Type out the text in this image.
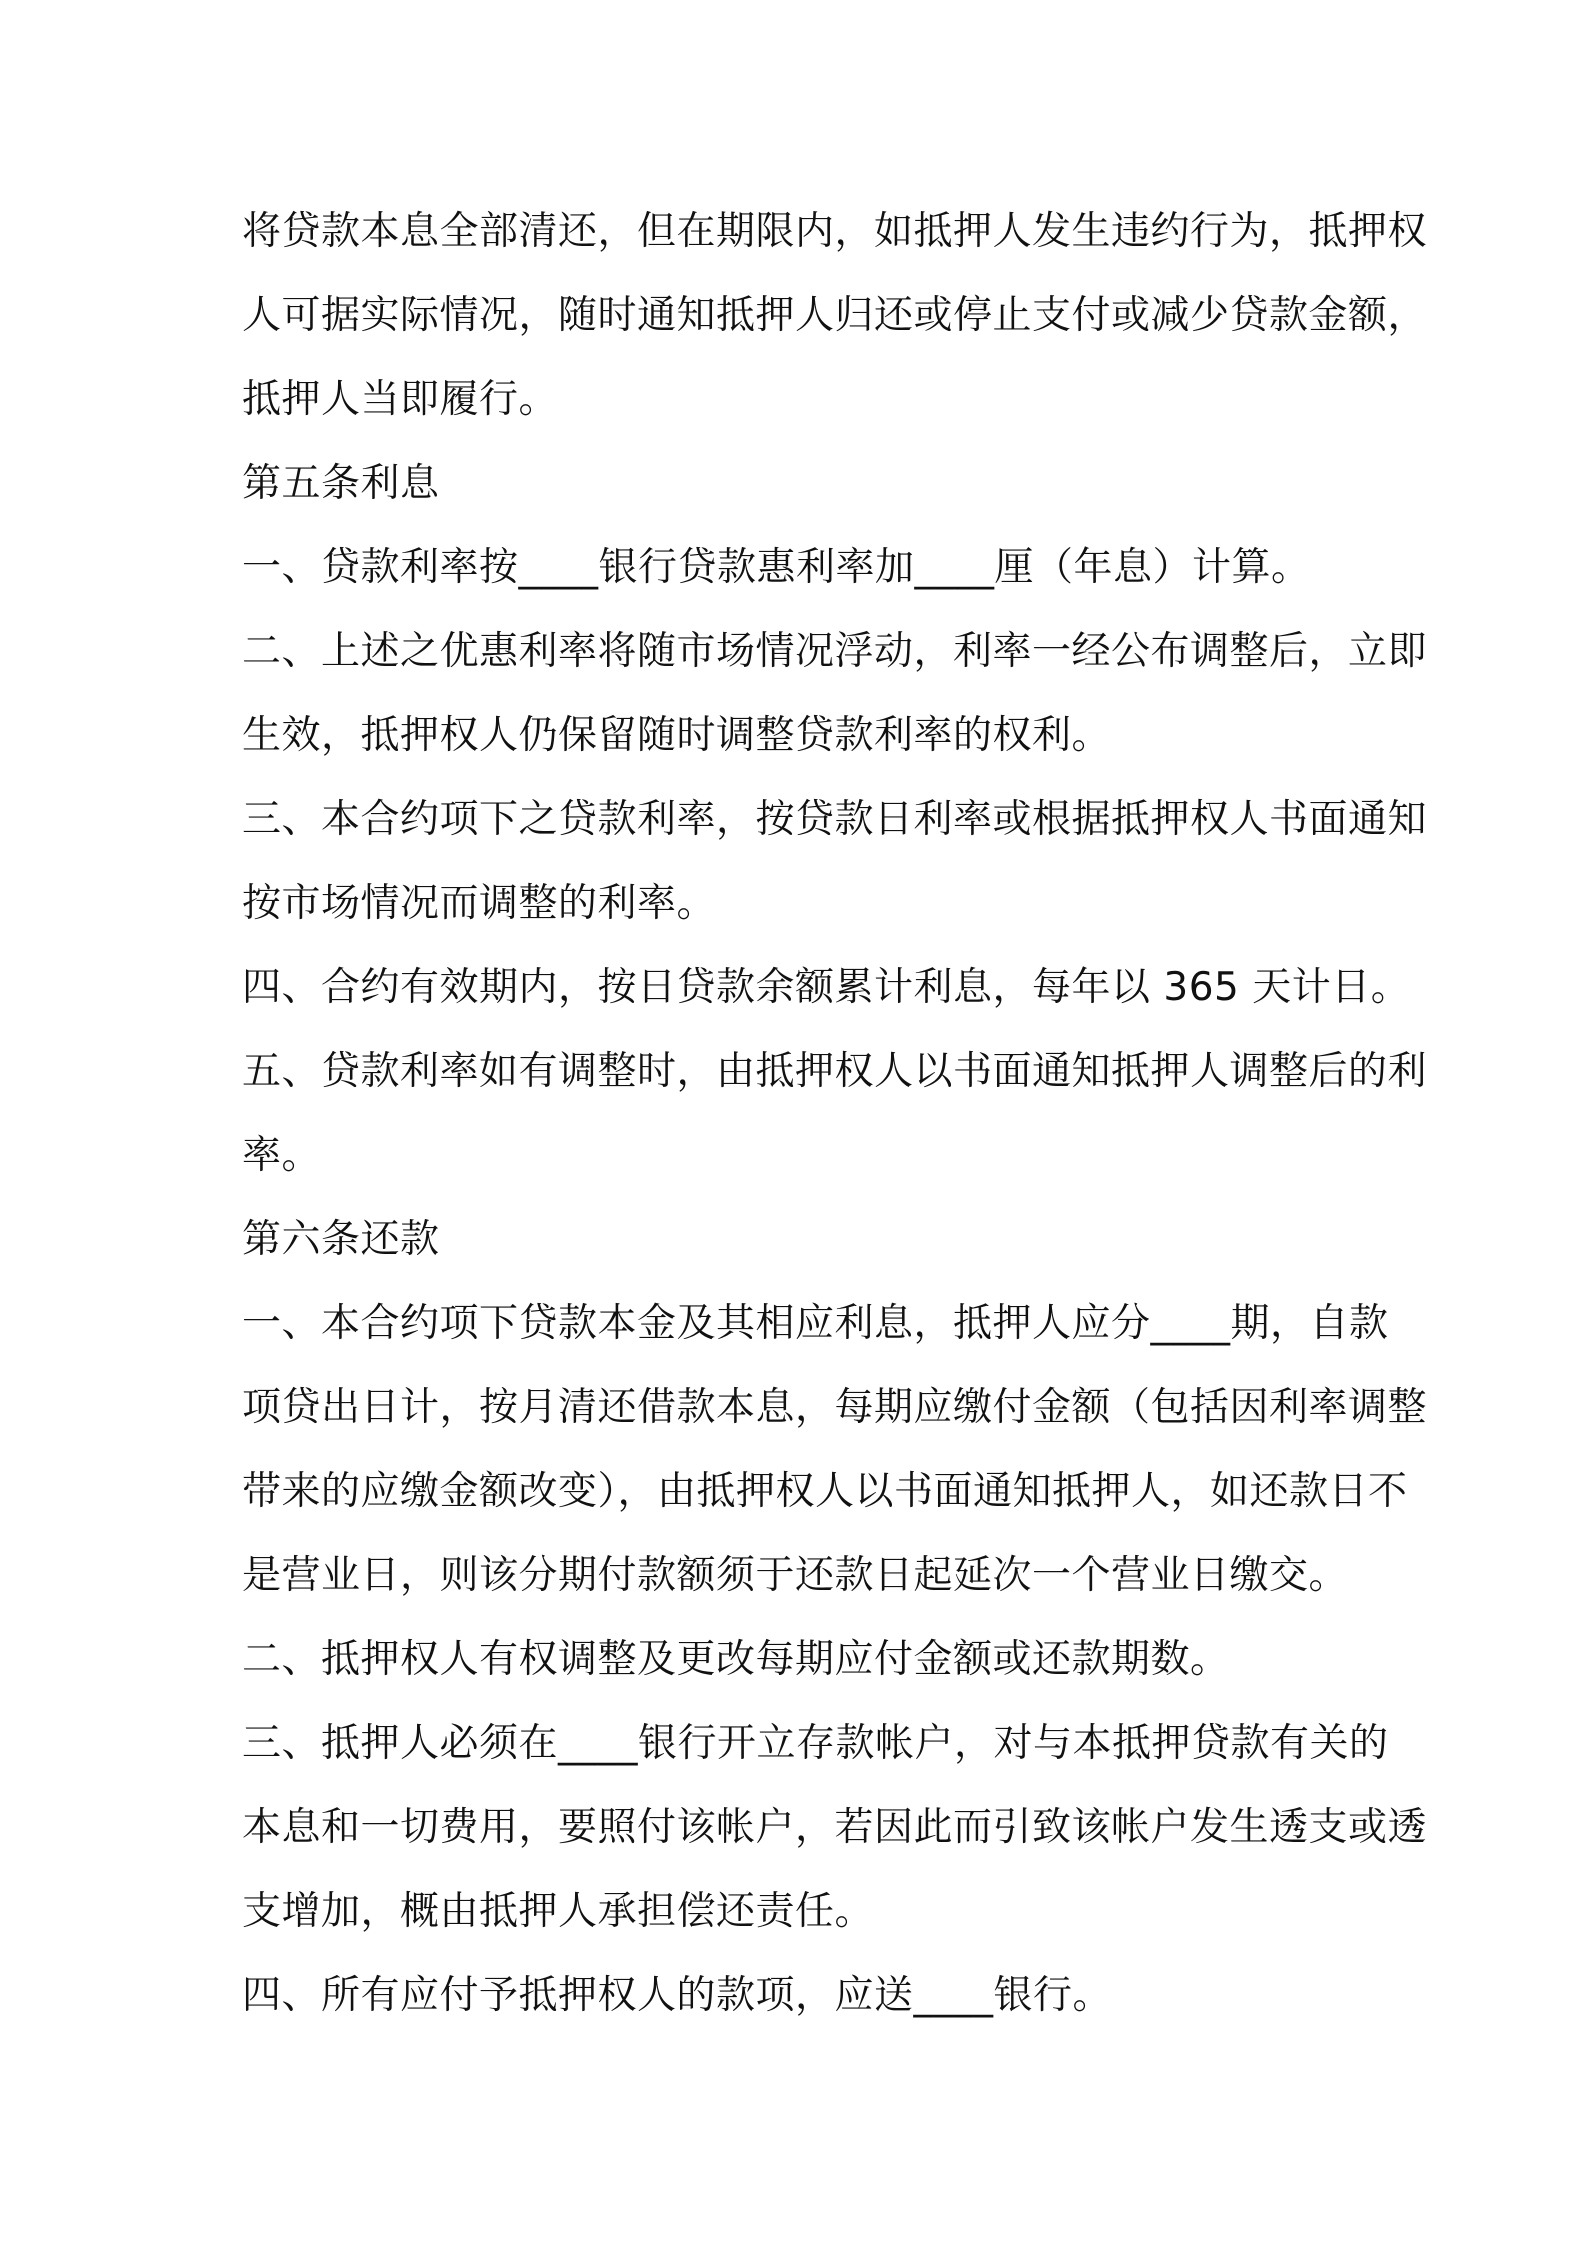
将贷款本息全部清还，但在期限内，如抵押人发生违约行为，抵押权
人可据实际情况，随时通知抵押人归还或停止支付或减少贷款金额，
抵押人当即履行。
第五条利息
一、贷款利率按____银行贷款惠利率加____厘（年息）计算。
二、上述之优惠利率将随市场情况浮动，利率一经公布调整后，立即
生效，抵押权人仍保留随时调整贷款利率的权利。
三、本合约项下之贷款利率，按贷款日利率或根据抵押权人书面通知
按市场情况而调整的利率。
四、合约有效期内，按日贷款余额累计利息，每年以 365 天计日。
五、贷款利率如有调整时，由抵押权人以书面通知抵押人调整后的利
率。
第六条还款
一、本合约项下贷款本金及其相应利息，抵押人应分____期，自款
项贷出日计，按月清还借款本息，每期应缴付金额（包括因利率调整
带来的应缴金额改变），由抵押权人以书面通知抵押人，如还款日不
是营业日，则该分期付款额须于还款日起延次一个营业日缴交。
二、抵押权人有权调整及更改每期应付金额或还款期数。
三、抵押人必须在____银行开立存款帐户，对与本抵押贷款有关的
本息和一切费用，要照付该帐户，若因此而引致该帐户发生透支或透
支增加，概由抵押人承担偿还责任。
四、所有应付予抵押权人的款项，应送____银行。
